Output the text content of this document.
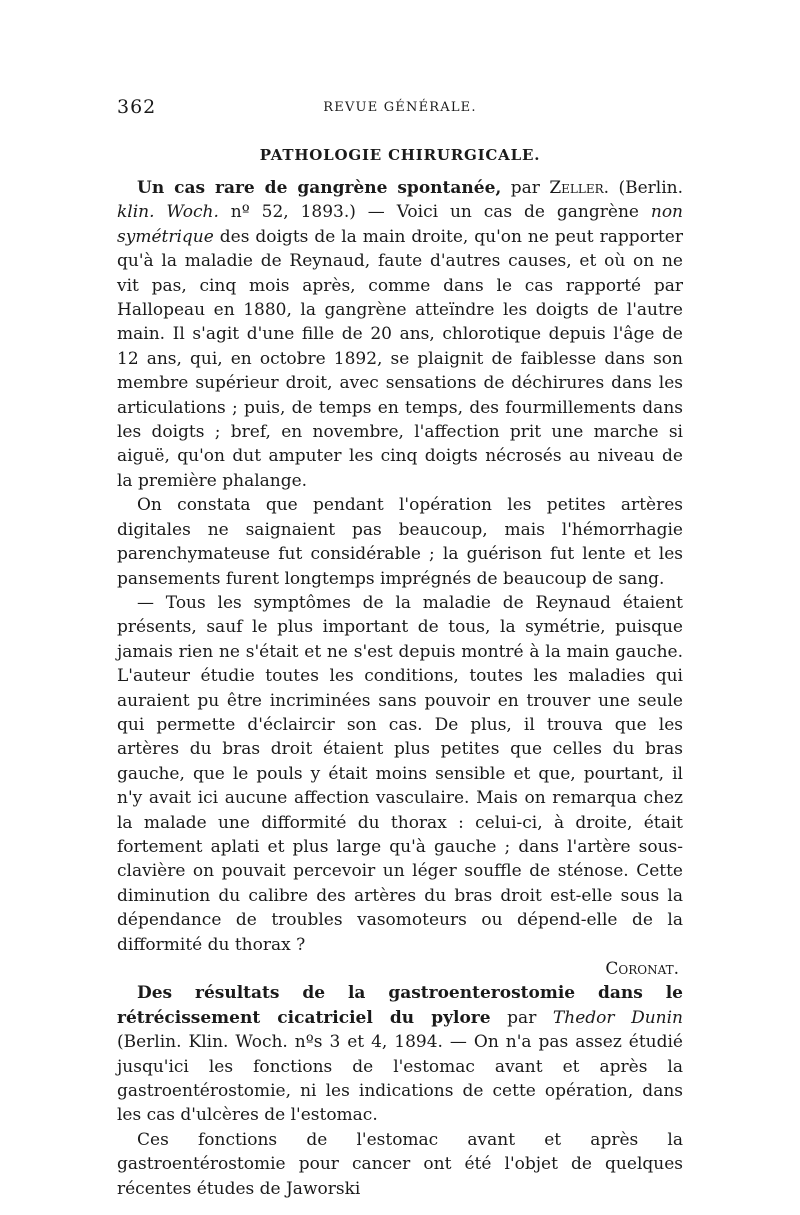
362	REVUE GÉNÉRALE.
PATHOLOGIE CHIRURGICALE.

Un cas rare de gangrène spontanée, par Zeller. (Berlin. klin. Woch. nº 52, 1893.) — Voici un cas de gangrène non symétrique des doigts de la main droite, qu'on ne peut rapporter qu'à la maladie de Reynaud, faute d'autres causes, et où on ne vit pas, cinq mois après, comme dans le cas rapporté par Hallopeau en 1880, la gangrène atteïndre les doigts de l'autre main. Il s'agit d'une fille de 20 ans, chlorotique depuis l'âge de 12 ans, qui, en octobre 1892, se plaignit de faiblesse dans son membre supérieur droit, avec sensations de déchirures dans les articulations ; puis, de temps en temps, des fourmillements dans les doigts ; bref, en novembre, l'affection prit une marche si aiguë, qu'on dut amputer les cinq doigts nécrosés au niveau de la première phalange.

On constata que pendant l'opération les petites artères digitales ne saignaient pas beaucoup, mais l'hémorrhagie parenchymateuse fut considérable ; la guérison fut lente et les pansements furent longtemps imprégnés de beaucoup de sang.

— Tous les symptômes de la maladie de Reynaud étaient présents, sauf le plus important de tous, la symétrie, puisque jamais rien ne s'était et ne s'est depuis montré à la main gauche. L'auteur étudie toutes les conditions, toutes les maladies qui auraient pu être incriminées sans pouvoir en trouver une seule qui permette d'éclaircir son cas. De plus, il trouva que les artères du bras droit étaient plus petites que celles du bras gauche, que le pouls y était moins sensible et que, pourtant, il n'y avait ici aucune affection vasculaire. Mais on remarqua chez la malade une difformité du thorax : celui-ci, à droite, était fortement aplati et plus large qu'à gauche ; dans l'artère sous-clavière on pouvait percevoir un léger souffle de sténose. Cette diminution du calibre des artères du bras droit est-elle sous la dépendance de troubles vasomoteurs ou dépend-elle de la difformité du thorax ?

Coronat.

Des résultats de la gastroenterostomie dans le rétrécissement cicatriciel du pylore par Thedor Dunin (Berlin. Klin. Woch. nºs 3 et 4, 1894. — On n'a pas assez étudié jusqu'ici les fonctions de l'estomac avant et après la gastroentérostomie, ni les indications de cette opération, dans les cas d'ulcères de l'estomac.

Ces fonctions de l'estomac avant et après la gastroentérostomie pour cancer ont été l'objet de quelques récentes études de Jaworski
